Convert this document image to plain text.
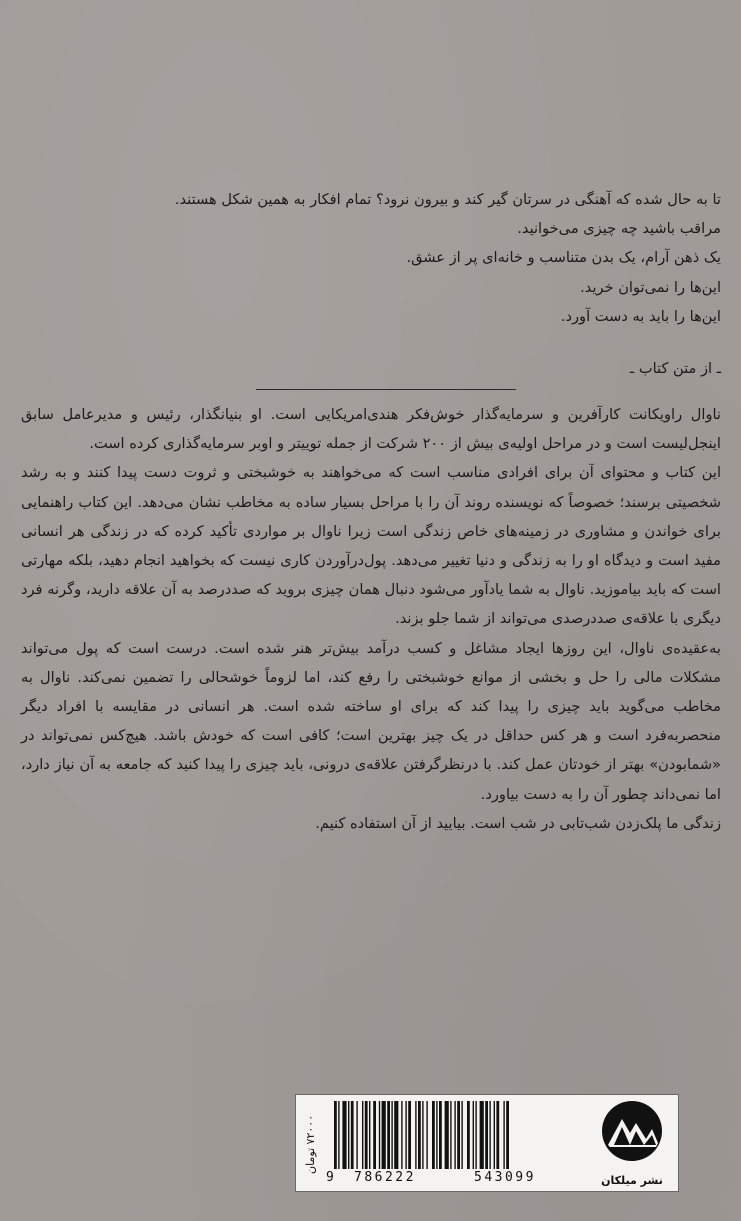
تا به حال شده که آهنگی در سرتان گیر کند و بیرون نرود؟ تمام افکار به همین شکل هستند.

مراقب باشید چه چیزی می‌خوانید.

یک ذهن آرام، یک بدن متناسب و خانه‌ای پر از عشق.

این‌ها را نمی‌توان خرید.

این‌ها را باید به دست آورد.

ـ از متن کتاب ـ

ناوال راویکانت کارآفرین و سرمایه‌گذار خوش‌فکر هندی‌امریکایی است. او بنیانگذار، رئیس و مدیرعامل سابق اینجل‌لیست است و در مراحل اولیه‌ی بیش از ۲۰۰ شرکت از جمله توییتر و اوبر سرمایه‌گذاری کرده است.

این کتاب و محتوای آن برای افرادی مناسب است که می‌خواهند به خوشبختی و ثروت دست پیدا کنند و به رشد شخصیتی برسند؛ خصوصاً که نویسنده روند آن را با مراحل بسیار ساده به مخاطب نشان می‌دهد. این کتاب راهنمایی برای خواندن و مشاوری در زمینه‌های خاص زندگی است زیرا ناوال بر مواردی تأکید کرده که در زندگی هر انسانی مفید است و دیدگاه او را به زندگی و دنیا تغییر می‌دهد. پول‌درآوردن کاری نیست که بخواهید انجام دهید، بلکه مهارتی است که باید بیاموزید. ناوال به شما یادآور می‌شود دنبال همان چیزی بروید که صددرصد به آن علاقه دارید، وگرنه فرد دیگری با علاقه‌ی صددرصدی می‌تواند از شما جلو بزند.

به‌عقیده‌ی ناوال، این روزها ایجاد مشاغل و کسب درآمد بیش‌تر هنر شده است. درست است که پول می‌تواند مشکلات مالی را حل و بخشی از موانع خوشبختی را رفع کند، اما لزوماً خوشحالی را تضمین نمی‌کند. ناوال به مخاطب می‌گوید باید چیزی را پیدا کند که برای او ساخته شده است. هر انسانی در مقایسه با افراد دیگر منحصربه‌فرد است و هر کس حداقل در یک چیز بهترین است؛ کافی است که خودش باشد. هیچ‌کس نمی‌تواند در «شمابودن» بهتر از خودتان عمل کند. با درنظرگرفتن علاقه‌ی درونی، باید چیزی را پیدا کنید که جامعه به آن نیاز دارد، اما نمی‌داند چطور آن را به دست بیاورد.

زندگی ما پلک‌زدن شب‌تابی در شب است. بیایید از آن استفاده کنیم.

۷۲۰۰۰ تومان
9 786222	543099	نشر میلکان
